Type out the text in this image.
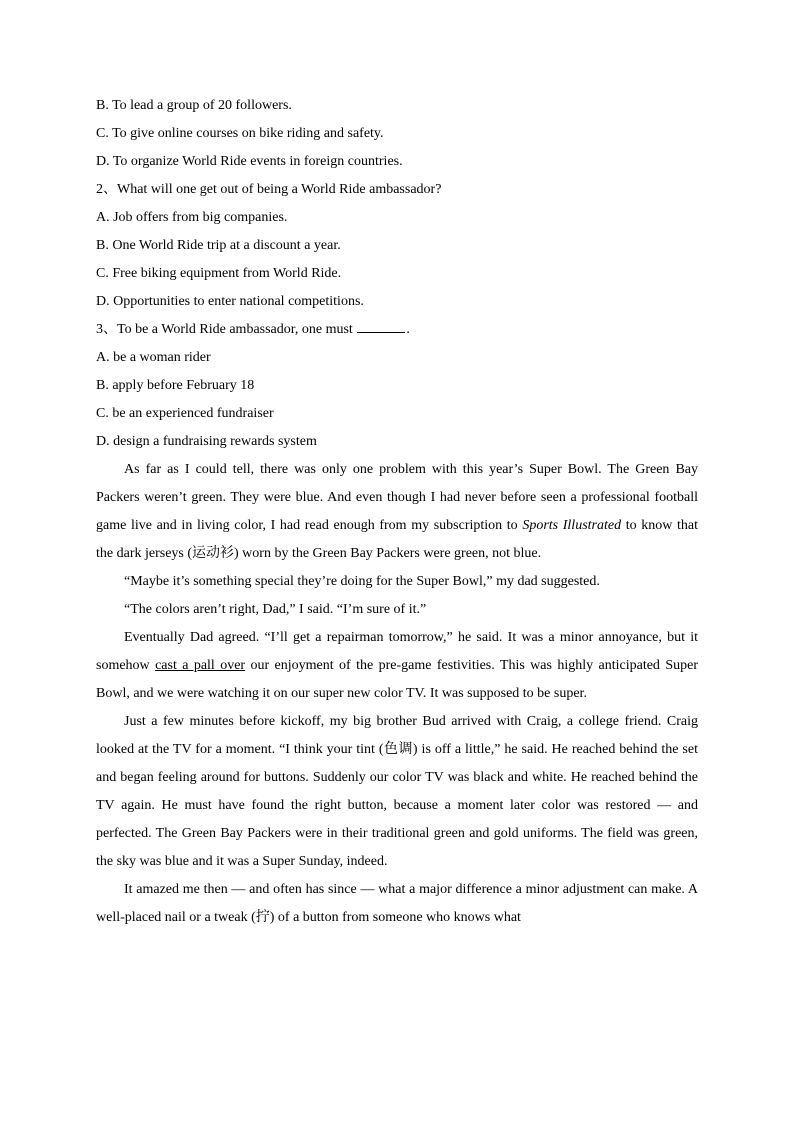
B. To lead a group of 20 followers.
C. To give online courses on bike riding and safety.
D. To organize World Ride events in foreign countries.
2、What will one get out of being a World Ride ambassador?
A. Job offers from big companies.
B. One World Ride trip at a discount a year.
C. Free biking equipment from World Ride.
D. Opportunities to enter national competitions.
3、To be a World Ride ambassador, one must	.
A. be a woman rider
B. apply before February 18
C. be an experienced fundraiser
D. design a fundraising rewards system

As far as I could tell, there was only one problem with this year’s Super Bowl. The Green Bay Packers weren’t green. They were blue. And even though I had never before seen a professional football game live and in living color, I had read enough from my subscription to Sports Illustrated to know that the dark jerseys (运动衫) worn by the Green Bay Packers were green, not blue.

“Maybe it’s something special they’re doing for the Super Bowl,” my dad suggested.

“The colors aren’t right, Dad,” I said. “I’m sure of it.”

Eventually Dad agreed. “I’ll get a repairman tomorrow,” he said. It was a minor annoyance, but it somehow cast a pall over our enjoyment of the pre-game festivities. This was highly anticipated Super Bowl, and we were watching it on our super new color TV. It was supposed to be super.

Just a few minutes before kickoff, my big brother Bud arrived with Craig, a college friend. Craig looked at the TV for a moment. “I think your tint (色调) is off a little,” he said. He reached behind the set and began feeling around for buttons. Suddenly our color TV was black and white. He reached behind the TV again. He must have found the right button, because a moment later color was restored — and perfected. The Green Bay Packers were in their traditional green and gold uniforms. The field was green, the sky was blue and it was a Super Sunday, indeed.

It amazed me then — and often has since — what a major difference a minor adjustment can make. A well-placed nail or a tweak (拧) of a button from someone who knows what
